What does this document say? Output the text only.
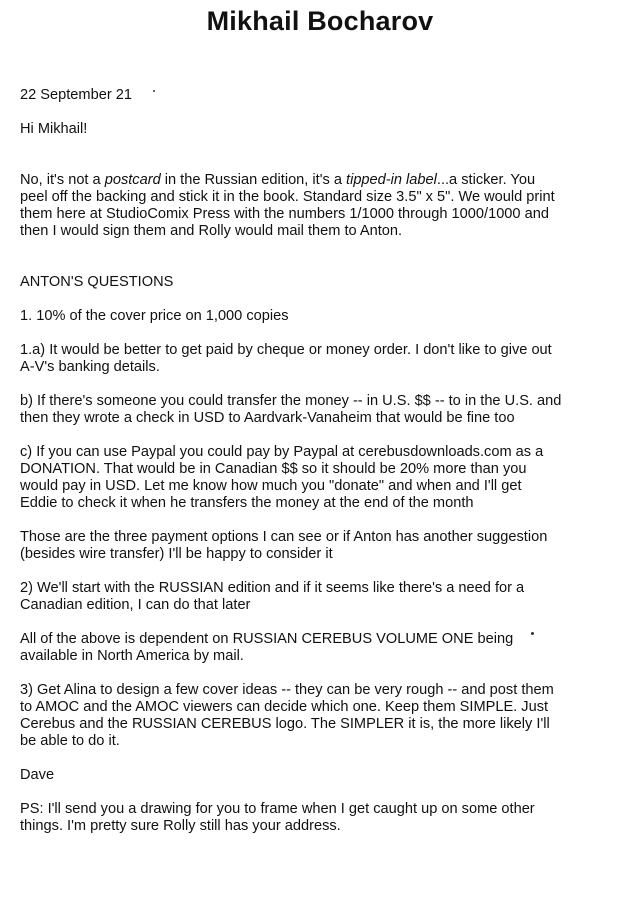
Mikhail Bocharov

22 September 21

Hi Mikhail!

No, it's not a postcard in the Russian edition, it's a tipped-in label...a sticker. You
peel off the backing and stick it in the book. Standard size 3.5" x 5". We would print
them here at StudioComix Press with the numbers 1/1000 through 1000/1000 and
then I would sign them and Rolly would mail them to Anton.

ANTON'S QUESTIONS

1. 10% of the cover price on 1,000 copies

1.a) It would be better to get paid by cheque or money order. I don't like to give out
A-V's banking details.

b) If there's someone you could transfer the money -- in U.S. $$ -- to in the U.S. and
then they wrote a check in USD to Aardvark-Vanaheim that would be fine too

c) If you can use Paypal you could pay by Paypal at cerebusdownloads.com as a
DONATION. That would be in Canadian $$ so it should be 20% more than you
would pay in USD. Let me know how much you "donate" and when and I'll get
Eddie to check it when he transfers the money at the end of the month

Those are the three payment options I can see or if Anton has another suggestion
(besides wire transfer) I'll be happy to consider it

2) We'll start with the RUSSIAN edition and if it seems like there's a need for a
Canadian edition, I can do that later

All of the above is dependent on RUSSIAN CEREBUS VOLUME ONE being
available in North America by mail.

3) Get Alina to design a few cover ideas -- they can be very rough -- and post them
to AMOC and the AMOC viewers can decide which one. Keep them SIMPLE. Just
Cerebus and the RUSSIAN CEREBUS logo. The SIMPLER it is, the more likely I'll
be able to do it.

Dave

PS: I'll send you a drawing for you to frame when I get caught up on some other
things. I'm pretty sure Rolly still has your address.
